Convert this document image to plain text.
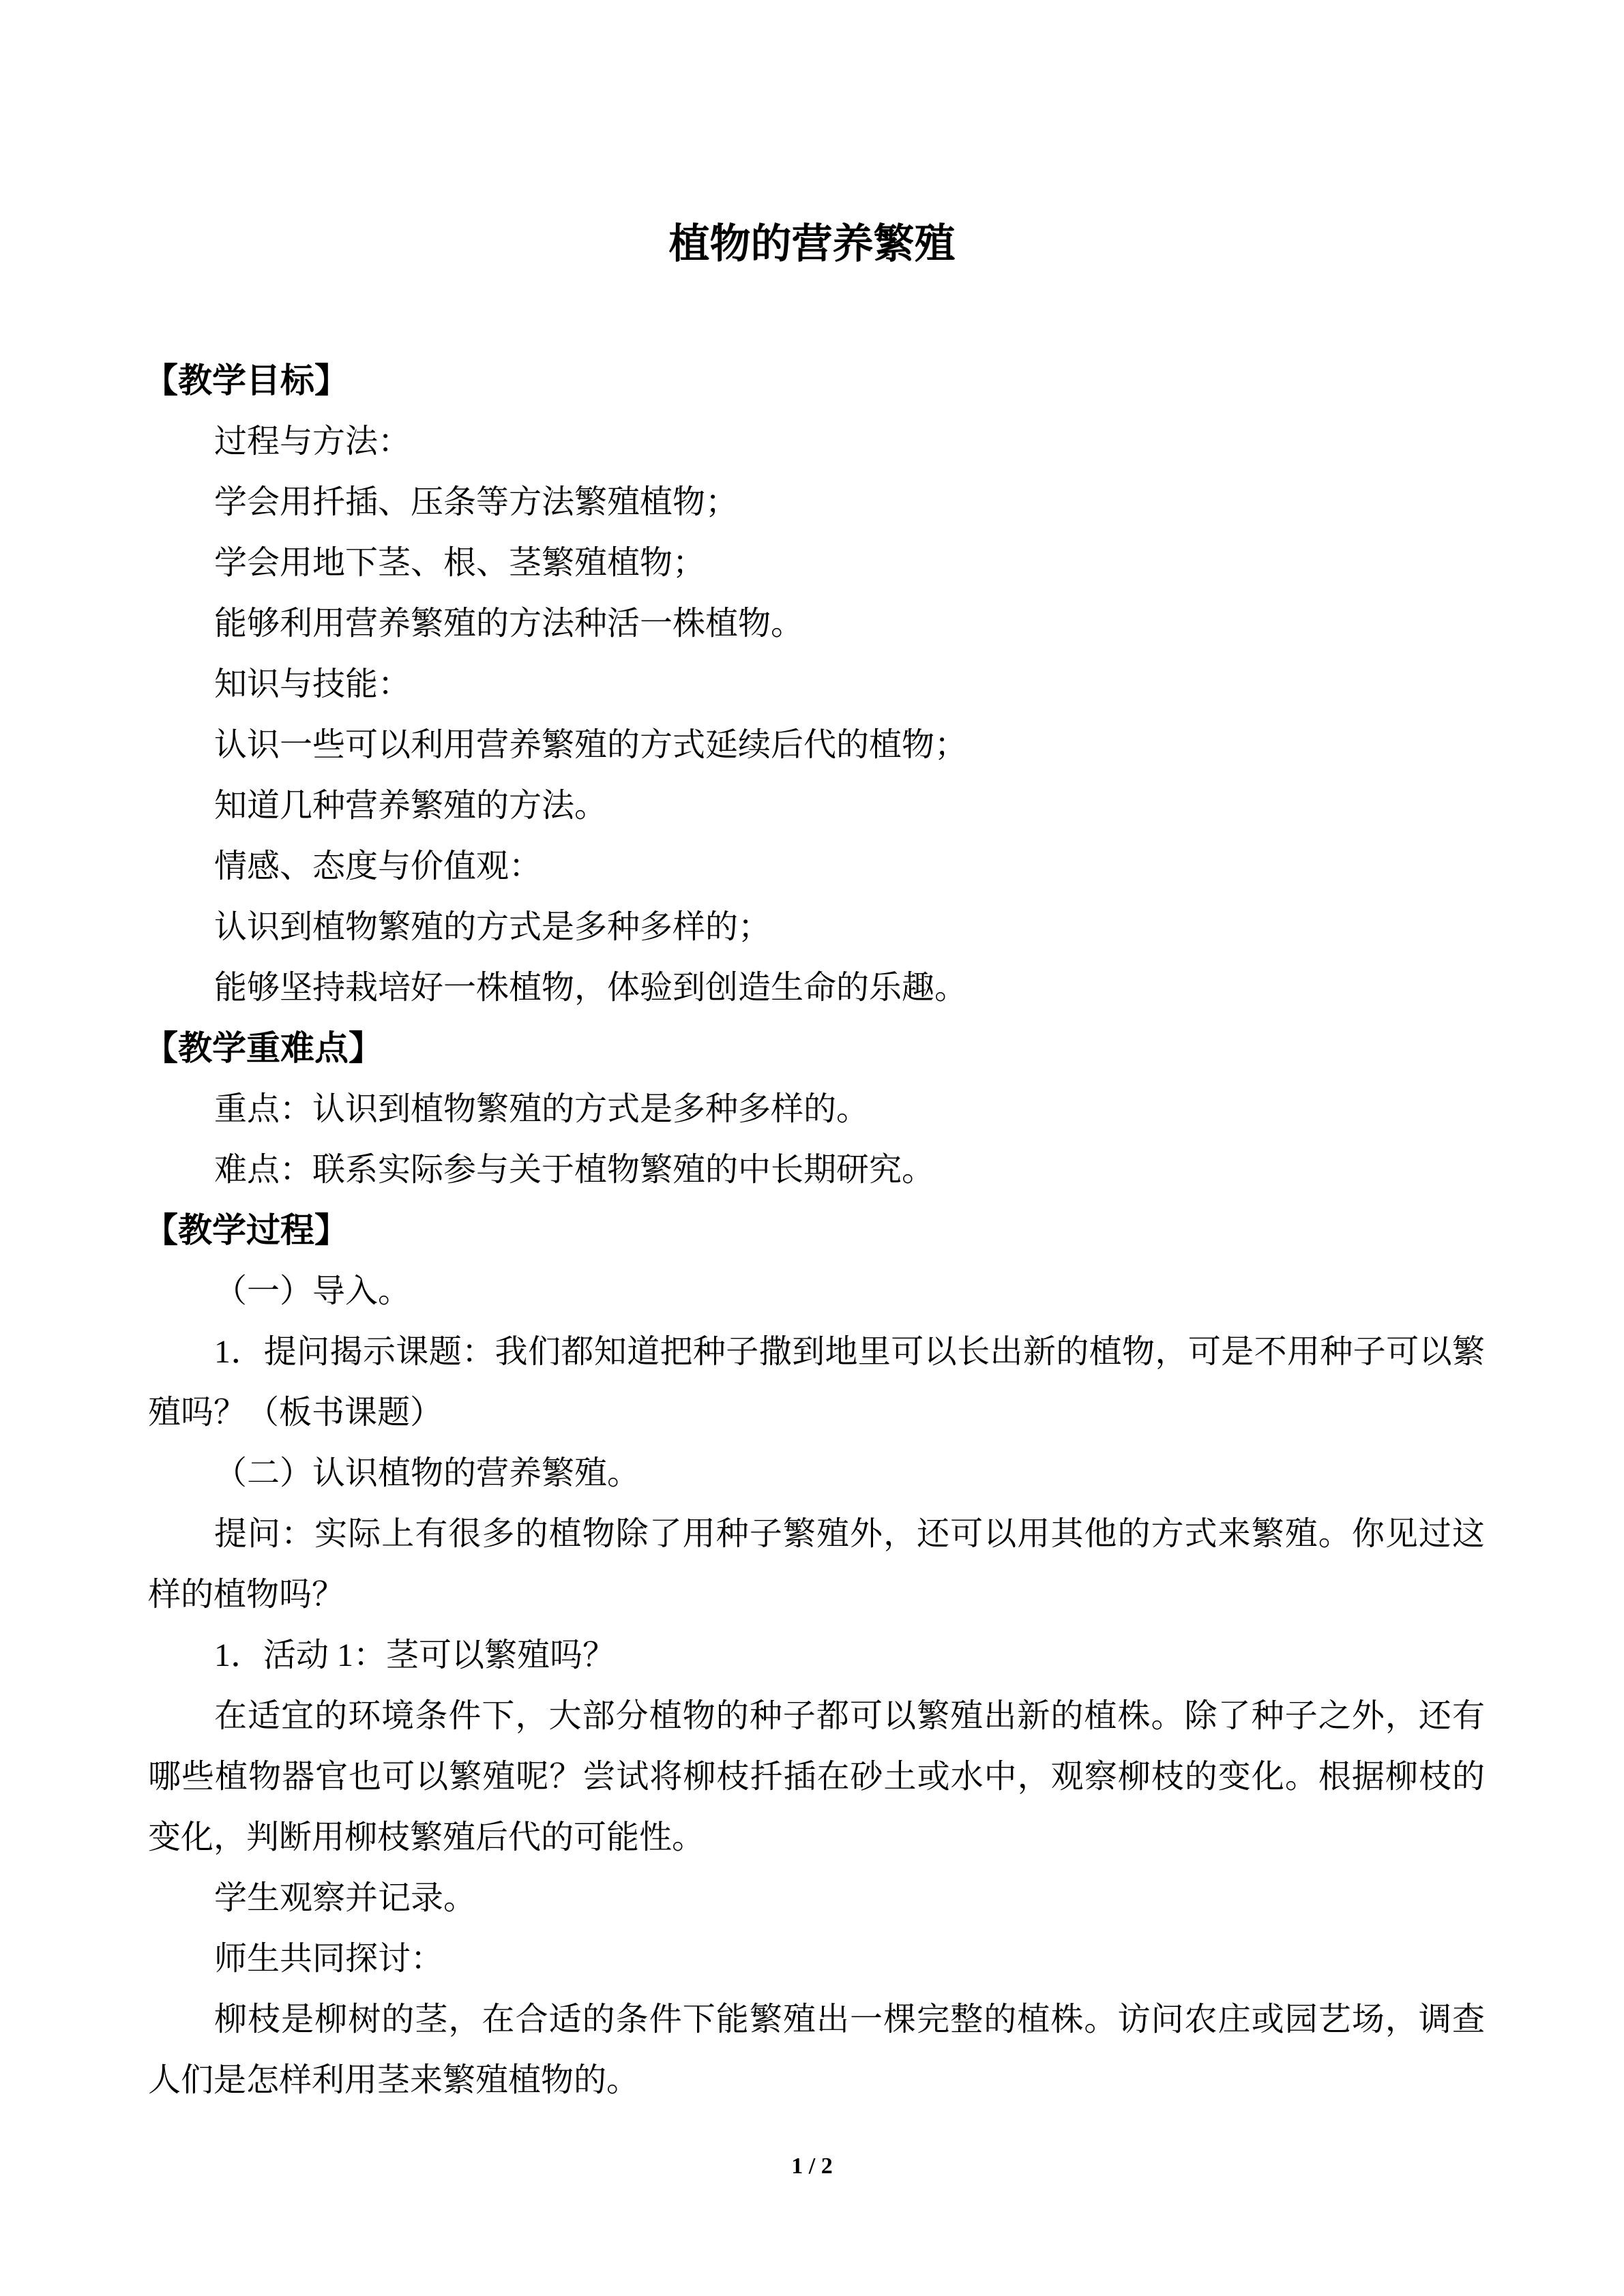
植物的营养繁殖
【教学目标】
过程与方法：
学会用扦插、压条等方法繁殖植物；
学会用地下茎、根、茎繁殖植物；
能够利用营养繁殖的方法种活一株植物。
知识与技能：
认识一些可以利用营养繁殖的方式延续后代的植物；
知道几种营养繁殖的方法。
情感、态度与价值观：
认识到植物繁殖的方式是多种多样的；
能够坚持栽培好一株植物，体验到创造生命的乐趣。
【教学重难点】
重点：认识到植物繁殖的方式是多种多样的。
难点：联系实际参与关于植物繁殖的中长期研究。
【教学过程】
（一）导入。
1．提问揭示课题：我们都知道把种子撒到地里可以长出新的植物，可是不用种子可以繁
殖吗？（板书课题）
（二）认识植物的营养繁殖。
提问：实际上有很多的植物除了用种子繁殖外，还可以用其他的方式来繁殖。你见过这
样的植物吗？
1．活动 1：茎可以繁殖吗？
在适宜的环境条件下，大部分植物的种子都可以繁殖出新的植株。除了种子之外，还有
哪些植物器官也可以繁殖呢？尝试将柳枝扦插在砂土或水中，观察柳枝的变化。根据柳枝的
变化，判断用柳枝繁殖后代的可能性。
学生观察并记录。
师生共同探讨：
柳枝是柳树的茎，在合适的条件下能繁殖出一棵完整的植株。访问农庄或园艺场，调查
人们是怎样利用茎来繁殖植物的。
1 / 2
